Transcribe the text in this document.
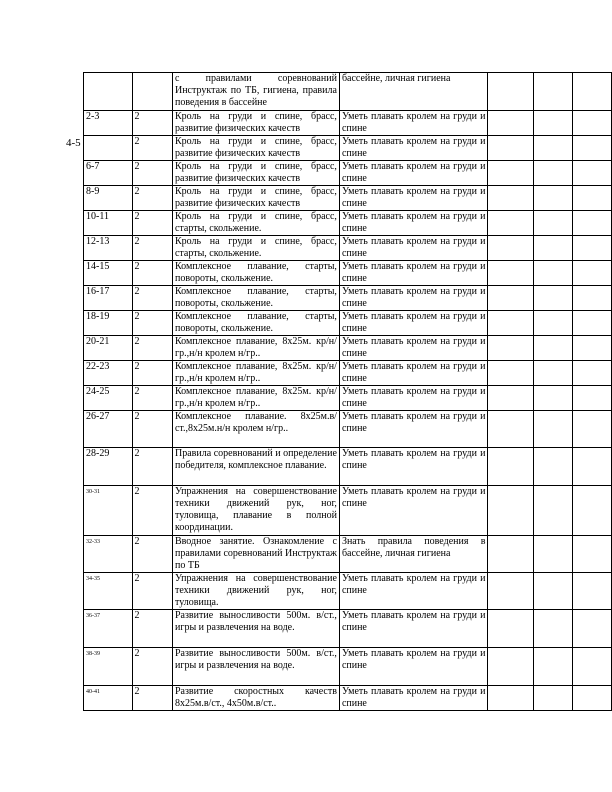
4-5
		с правилами соревнований Инструктаж по ТБ, гигиена, правила поведения в бассейне	бассейне, личная гигиена			
2-3	2	Кроль на груди и спине, брасс, развитие физических качеств	Уметь плавать кролем на груди и спине			
	2	Кроль на груди и спине, брасс, развитие физических качеств	Уметь плавать кролем на груди и спине			
6-7	2	Кроль на груди и спине, брасс, развитие физических качеств	Уметь плавать кролем на груди и спине			
8-9	2	Кроль на груди и спине, брасс, развитие физических качеств	Уметь плавать кролем на груди и спине			
10-11	2	Кроль на груди и спине, брасс, старты, скольжение.	Уметь плавать кролем на груди и спине			
12-13	2	Кроль на груди и спине, брасс, старты, скольжение.	Уметь плавать кролем на груди и спине			
14-15	2	Комплексное плавание, старты, повороты, скольжение.	Уметь плавать кролем на груди и спине			
16-17	2	Комплексное плавание, старты, повороты, скольжение.	Уметь плавать кролем на груди и спине			
18-19	2	Комплексное плавание, старты, повороты, скольжение.	Уметь плавать кролем на груди и спине			
20-21	2	Комплексное плавание, 8х25м. кр/н/гр.,н/н кролем н/гр..	Уметь плавать кролем на груди и спине			
22-23	2	Комплексное плавание, 8х25м. кр/н/гр.,н/н кролем н/гр..	Уметь плавать кролем на груди и спине			
24-25	2	Комплексное плавание, 8х25м. кр/н/гр.,н/н кролем н/гр..	Уметь плавать кролем на груди и спине			
26-27	2	Комплексное плавание. 8х25м.в/ст.,8х25м.н/н кролем н/гр..	Уметь плавать кролем на груди и спине			
28-29	2	Правила соревнований и определение победителя, комплексное плавание.	Уметь плавать кролем на груди и спине			
30-31	2	Упражнения на совершенствование техники движений рук, ног, туловища, плавание в полной координации.	Уметь плавать кролем на груди и спине			
32-33	2	Вводное занятие. Ознакомление с правилами соревнований Инструктаж по ТБ	Знать правила поведения в бассейне, личная гигиена			
34-35	2	Упражнения на совершенствование техники движений рук, ног, туловища.	Уметь плавать кролем на груди и спине			
36-37	2	Развитие выносливости 500м. в/ст., игры и развлечения на воде.	Уметь плавать кролем на груди и спине			
38-39	2	Развитие выносливости 500м. в/ст., игры и развлечения на воде.	Уметь плавать кролем на груди и спине			
40-41	2	Развитие скоростных качеств 8х25м.в/ст., 4х50м.в/ст..	Уметь плавать кролем на груди и спине			
